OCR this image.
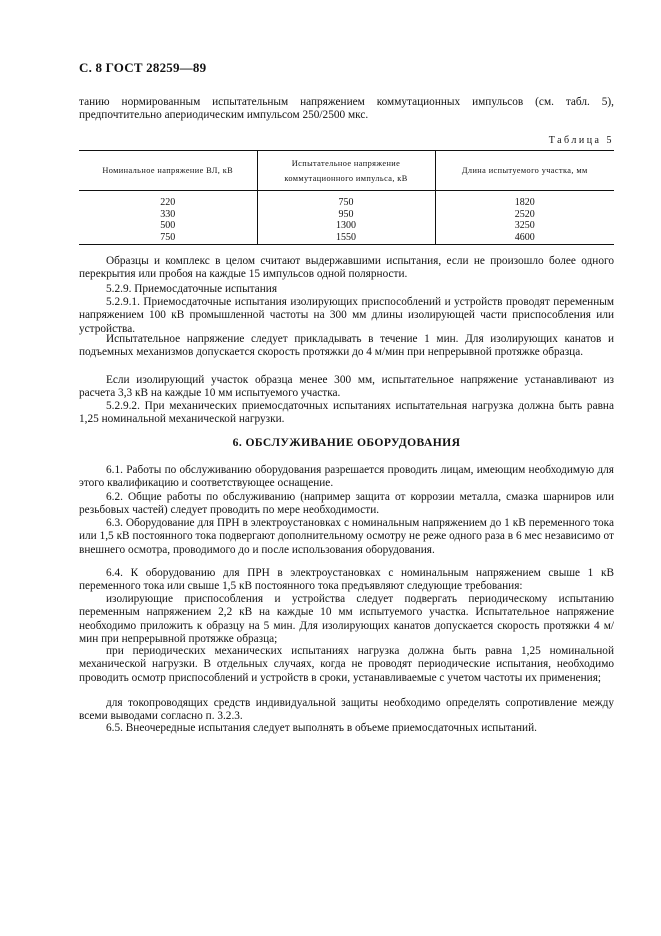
С. 8 ГОСТ 28259—89
танию нормированным испытательным напряжением коммутационных импульсов (см. табл. 5), предпочтительно апериодическим импульсом 250/2500 мкс.
Таблица 5
Номинальное напряжение ВЛ, кВ	Испытательное напряжение коммутационного импульса, кВ	Длина испытуемого участка, мм
220	750	1820
330	950	2520
500	1300	3250
750	1550	4600
Образцы и комплекс в целом считают выдержавшими испытания, если не произошло более одного перекрытия или пробоя на каждые 15 импульсов одной полярности.
5.2.9. Приемосдаточные испытания
5.2.9.1. Приемосдаточные испытания изолирующих приспособлений и устройств проводят переменным напряжением 100 кВ промышленной частоты на 300 мм длины изолирующей части приспособления или устройства.
Испытательное напряжение следует прикладывать в течение 1 мин. Для изолирующих канатов и подъемных механизмов допускается скорость протяжки до 4 м/мин при непрерывной протяжке образца.
Если изолирующий участок образца менее 300 мм, испытательное напряжение устанавливают из расчета 3,3 кВ на каждые 10 мм испытуемого участка.
5.2.9.2. При механических приемосдаточных испытаниях испытательная нагрузка должна быть равна 1,25 номинальной механической нагрузки.
6. ОБСЛУЖИВАНИЕ ОБОРУДОВАНИЯ
6.1. Работы по обслуживанию оборудования разрешается проводить лицам, имеющим необходимую для этого квалификацию и соответствующее оснащение.
6.2. Общие работы по обслуживанию (например защита от коррозии металла, смазка шарниров или резьбовых частей) следует проводить по мере необходимости.
6.3. Оборудование для ПРН в электроустановках с номинальным напряжением до 1 кВ переменного тока или 1,5 кВ постоянного тока подвергают дополнительному осмотру не реже одного раза в 6 мес независимо от внешнего осмотра, проводимого до и после использования оборудования.
6.4. К оборудованию для ПРН в электроустановках с номинальным напряжением свыше 1 кВ переменного тока или свыше 1,5 кВ постоянного тока предъявляют следующие требования:
изолирующие приспособления и устройства следует подвергать периодическому испытанию переменным напряжением 2,2 кВ на каждые 10 мм испытуемого участка. Испытательное напряжение необходимо приложить к образцу на 5 мин. Для изолирующих канатов допускается скорость протяжки 4 м/мин при непрерывной протяжке образца;
при периодических механических испытаниях нагрузка должна быть равна 1,25 номинальной механической нагрузки. В отдельных случаях, когда не проводят периодические испытания, необходимо проводить осмотр приспособлений и устройств в сроки, устанавливаемые с учетом частоты их применения;
для токопроводящих средств индивидуальной защиты необходимо определять сопротивление между всеми выводами согласно п. 3.2.3.
6.5. Внеочередные испытания следует выполнять в объеме приемосдаточных испытаний.
